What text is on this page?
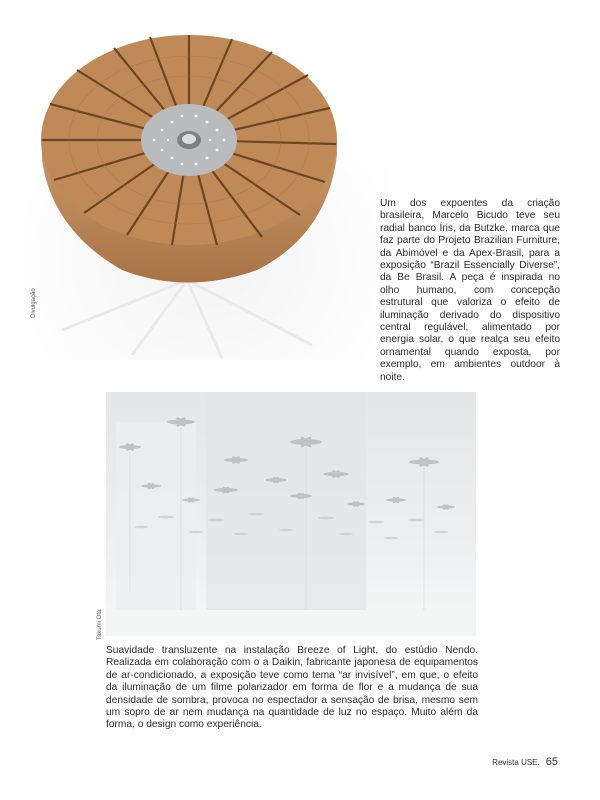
Divulgação

Um dos expoentes da criação brasileira, Marcelo Bicudo teve seu radial banco Íris, da Butzke, marca que faz parte do Projeto Brazilian Furniture, da Abimóvel e da Apex-Brasil, para a exposição “Brazil Essencially Diverse”, da Be Brasil. A peça é inspirada no olho humano, com concepção estrutural que valoriza o efeito de iluminação derivado do dispositivo central regulável, alimentado por energia solar, o que realça seu efeito ornamental quando exposta, por exemplo, em ambientes outdoor à noite.

Takumi Ota

Suavidade transluzente na instalação Breeze of Light, do estúdio Nendo. Realizada em colaboração com o a Daikin, fabricante japonesa de equipamentos de ar-condicionado, a exposição teve como tema “ar invisível”, em que, o efeito da iluminação de um filme polarizador em forma de flor e a mudança de sua densidade de sombra, provoca no espectador a sensação de brisa, mesmo sem um sopro de ar nem mudança na quantidade de luz no espaço. Muito além da forma, o design como experiência.

Revista USE. 65
